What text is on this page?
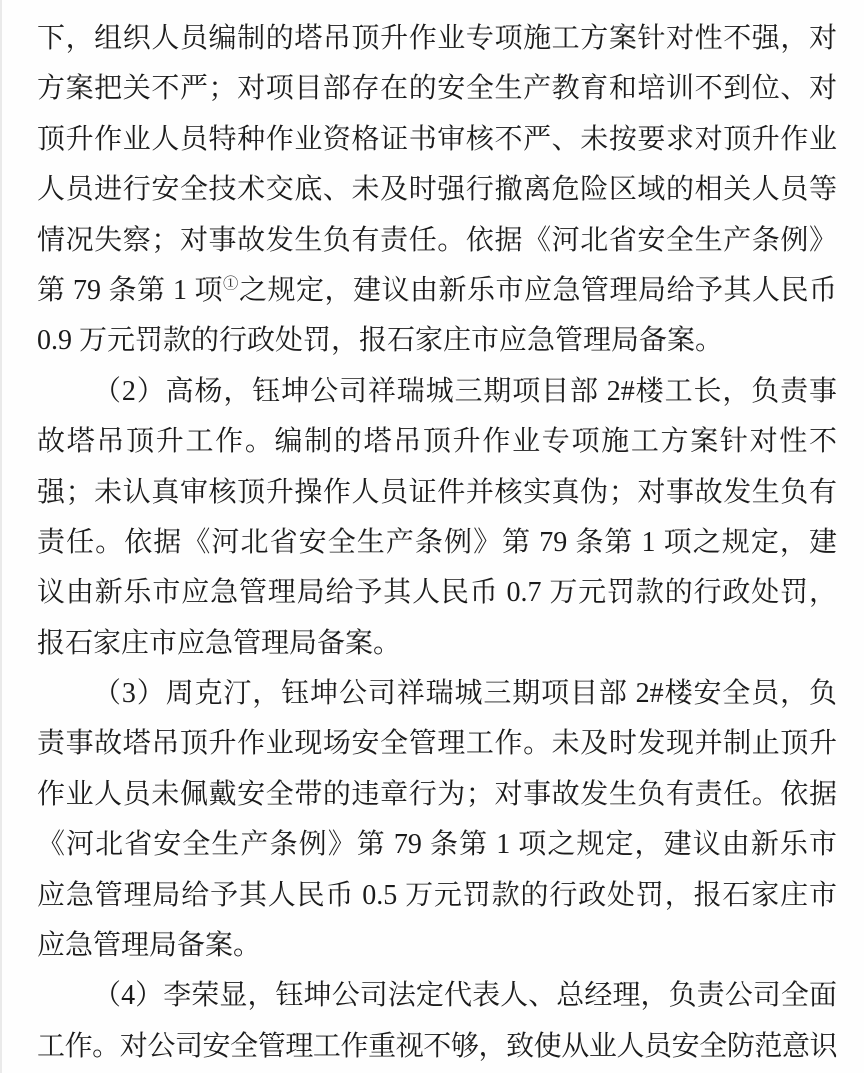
下，组织人员编制的塔吊顶升作业专项施工方案针对性不强，对
方案把关不严；对项目部存在的安全生产教育和培训不到位、对
顶升作业人员特种作业资格证书审核不严、未按要求对顶升作业
人员进行安全技术交底、未及时强行撤离危险区域的相关人员等
情况失察；对事故发生负有责任。依据《河北省安全生产条例》
第 79 条第 1 项①之规定，建议由新乐市应急管理局给予其人民币
0.9 万元罚款的行政处罚，报石家庄市应急管理局备案。
（2）高杨，钰坤公司祥瑞城三期项目部 2#楼工长，负责事
故塔吊顶升工作。编制的塔吊顶升作业专项施工方案针对性不
强；未认真审核顶升操作人员证件并核实真伪；对事故发生负有
责任。依据《河北省安全生产条例》第 79 条第 1 项之规定，建
议由新乐市应急管理局给予其人民币 0.7 万元罚款的行政处罚，
报石家庄市应急管理局备案。
（3）周克汀，钰坤公司祥瑞城三期项目部 2#楼安全员，负
责事故塔吊顶升作业现场安全管理工作。未及时发现并制止顶升
作业人员未佩戴安全带的违章行为；对事故发生负有责任。依据
《河北省安全生产条例》第 79 条第 1 项之规定，建议由新乐市
应急管理局给予其人民币 0.5 万元罚款的行政处罚，报石家庄市
应急管理局备案。
（4）李荣显，钰坤公司法定代表人、总经理，负责公司全面
工作。对公司安全管理工作重视不够，致使从业人员安全防范意识
